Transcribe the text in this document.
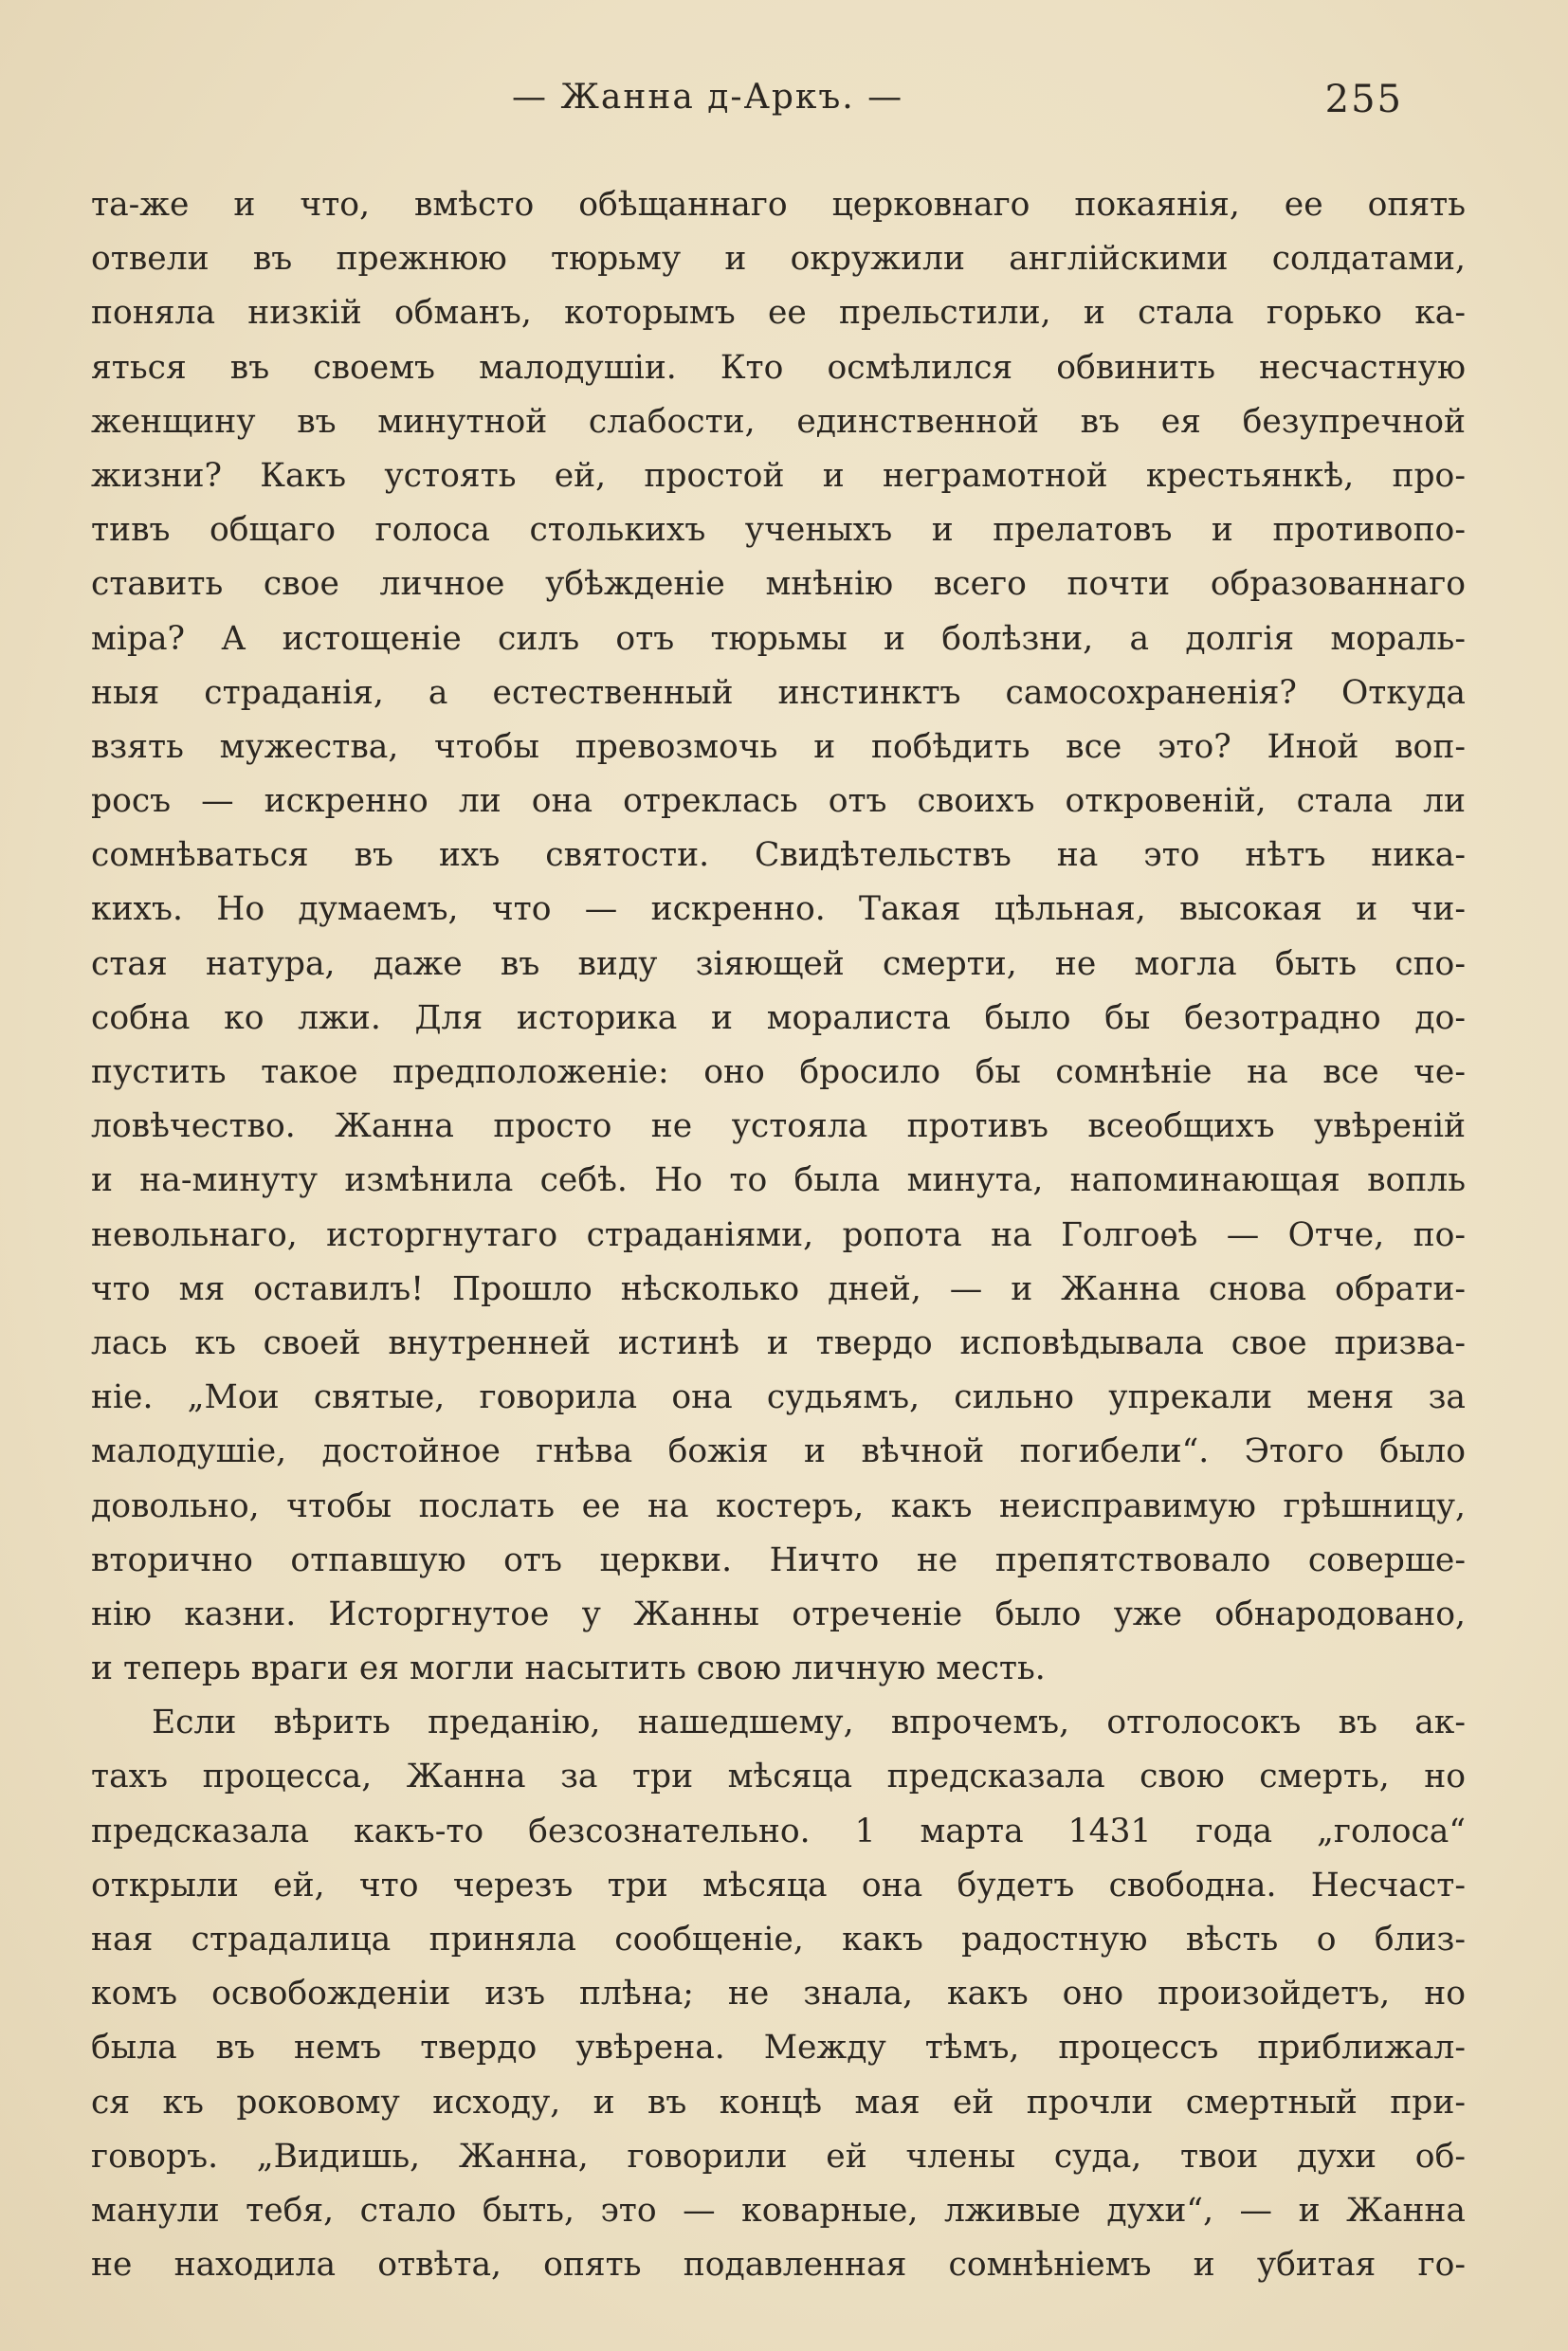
— Жанна д-Аркъ. —	255
та-же и что, вмѣсто обѣщаннаго церковнаго покаянія, ее опять
отвели въ прежнюю тюрьму и окружили англійскими солдатами,
поняла низкій обманъ, которымъ ее прельстили, и стала горько ка-
яться въ своемъ малодушіи. Кто осмѣлился обвинить несчастную
женщину въ минутной слабости, единственной въ ея безупречной
жизни? Какъ устоять ей, простой и неграмотной крестьянкѣ, про-
тивъ общаго голоса столькихъ ученыхъ и прелатовъ и противопо-
ставить свое личное убѣжденіе мнѣнію всего почти образованнаго
міра? А истощеніе силъ отъ тюрьмы и болѣзни, а долгія мораль-
ныя страданія, а естественный инстинктъ самосохраненія? Откуда
взять мужества, чтобы превозмочь и побѣдить все это? Иной воп-
росъ — искренно ли она отреклась отъ своихъ откровеній, стала ли
сомнѣваться въ ихъ святости. Свидѣтельствъ на это нѣтъ ника-
кихъ. Но думаемъ, что — искренно. Такая цѣльная, высокая и чи-
стая натура, даже въ виду зіяющей смерти, не могла быть спо-
собна ко лжи. Для историка и моралиста было бы безотрадно до-
пустить такое предположеніе: оно бросило бы сомнѣніе на все че-
ловѣчество. Жанна просто не устояла противъ всеобщихъ увѣреній
и на-минуту измѣнила себѣ. Но то была минута, напоминающая вопль
невольнаго, исторгнутаго страданіями, ропота на Голгоѳѣ — Отче, по-
что мя оставилъ! Прошло нѣсколько дней, — и Жанна снова обрати-
лась къ своей внутренней истинѣ и твердо исповѣдывала свое призва-
ніе. „Мои святые, говорила она судьямъ, сильно упрекали меня за
малодушіе, достойное гнѣва божія и вѣчной погибели“. Этого было
довольно, чтобы послать ее на костеръ, какъ неисправимую грѣшницу,
вторично отпавшую отъ церкви. Ничто не препятствовало соверше-
нію казни. Исторгнутое у Жанны отреченіе было уже обнародовано,
и теперь враги ея могли насытить свою личную месть.
Если вѣрить преданію, нашедшему, впрочемъ, отголосокъ въ ак-
тахъ процесса, Жанна за три мѣсяца предсказала свою смерть, но
предсказала какъ-то безсознательно. 1 марта 1431 года „голоса“
открыли ей, что черезъ три мѣсяца она будетъ свободна. Несчаст-
ная страдалица приняла сообщеніе, какъ радостную вѣсть о близ-
комъ освобожденіи изъ плѣна; не знала, какъ оно произойдетъ, но
была въ немъ твердо увѣрена. Между тѣмъ, процессъ приближал-
ся къ роковому исходу, и въ концѣ мая ей прочли смертный при-
говоръ. „Видишь, Жанна, говорили ей члены суда, твои духи об-
манули тебя, стало быть, это — коварные, лживые духи“, — и Жанна
не находила отвѣта, опять подавленная сомнѣніемъ и убитая го-
